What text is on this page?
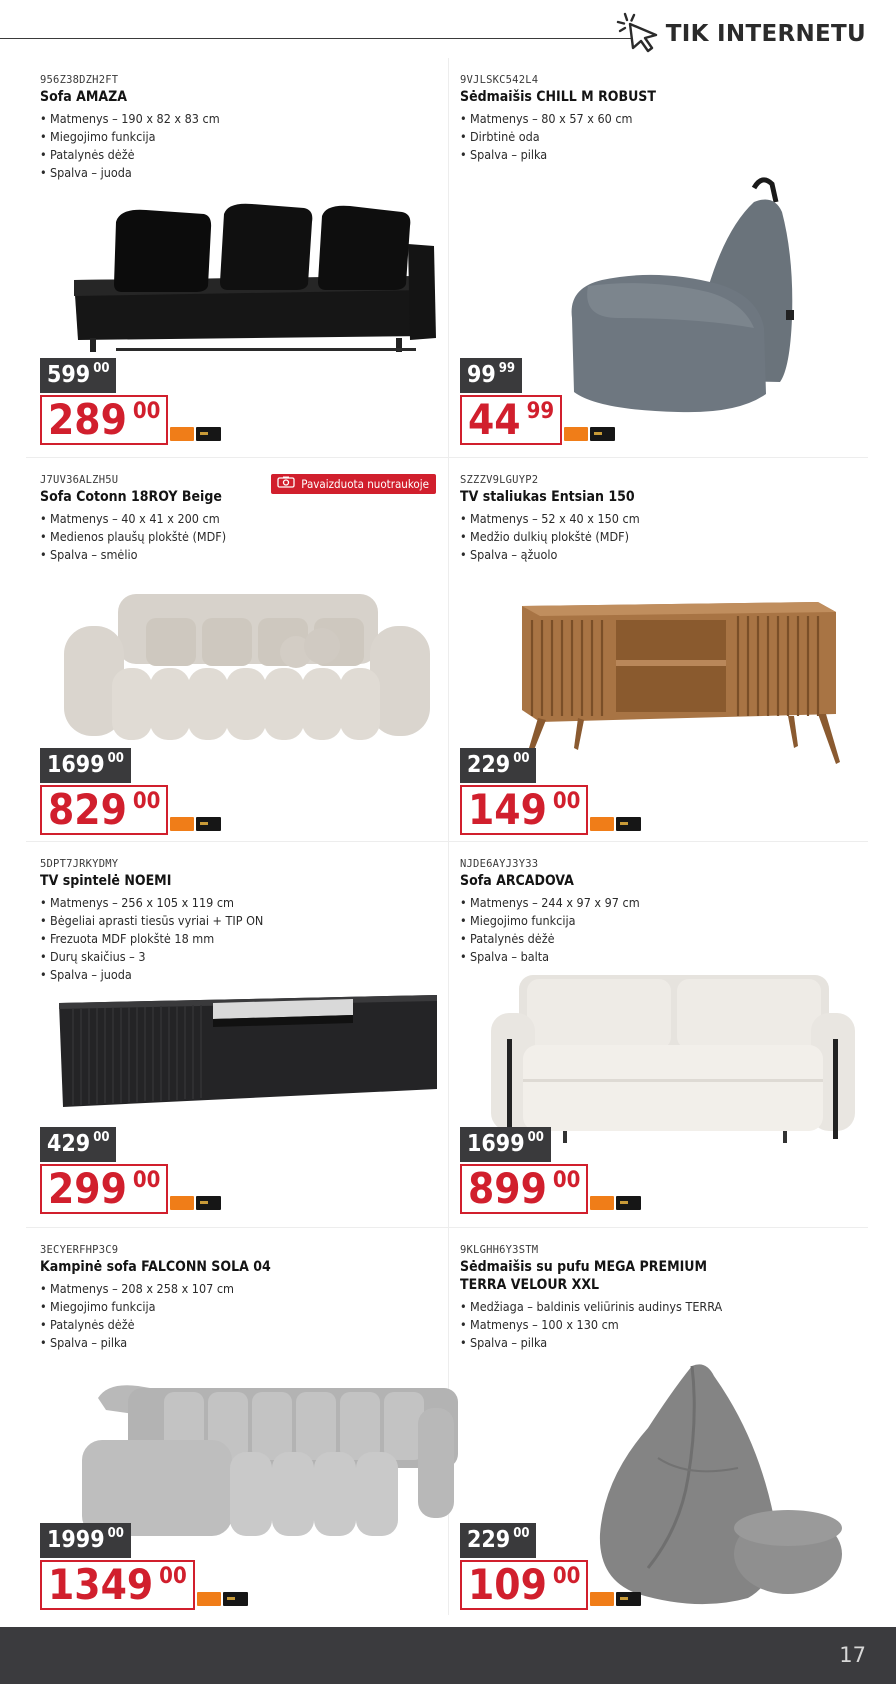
TIK INTERNETU
956Z38DZH2FT
Sofa AMAZA
• Matmenys – 190 x 82 x 83 cm
• Miegojimo funkcija
• Patalynės dėžė
• Spalva – juoda
599 00
289 00
9VJLSKC542L4
Sėdmaišis CHILL M ROBUST
• Matmenys – 80 x 57 x 60 cm
• Dirbtinė oda
• Spalva – pilka
99 99
44 99
J7UV36ALZH5U
Sofa Cotonn 18ROY Beige
• Matmenys – 40 x 41 x 200 cm
• Medienos plaušų plokštė (MDF)
• Spalva – smėlio
Pavaizduota nuotraukoje
1699 00
829 00
SZZZV9LGUYP2
TV staliukas Entsian 150
• Matmenys – 52 x 40 x 150 cm
• Medžio dulkių plokštė (MDF)
• Spalva – ąžuolo
229 00
149 00
5DPT7JRKYDMY
TV spintelė NOEMI
• Matmenys – 256 x 105 x 119 cm
• Bėgeliai aprasti tiesūs vyriai + TIP ON
• Frezuota MDF plokštė 18 mm
• Durų skaičius – 3
• Spalva – juoda
429 00
299 00
NJDE6AYJ3Y33
Sofa ARCADOVA
• Matmenys – 244 x 97 x 97 cm
• Miegojimo funkcija
• Patalynės dėžė
• Spalva – balta
1699 00
899 00
3ECYERFHP3C9
Kampinė sofa FALCONN SOLA 04
• Matmenys – 208 x 258 x 107 cm
• Miegojimo funkcija
• Patalynės dėžė
• Spalva – pilka
1999 00
1349 00
9KLGHH6Y3STM
Sėdmaišis su pufu MEGA PREMIUM TERRA VELOUR XXL
• Medžiaga – baldinis veliūrinis audinys TERRA
• Matmenys – 100 x 130 cm
• Spalva – pilka
229 00
109 00
17
